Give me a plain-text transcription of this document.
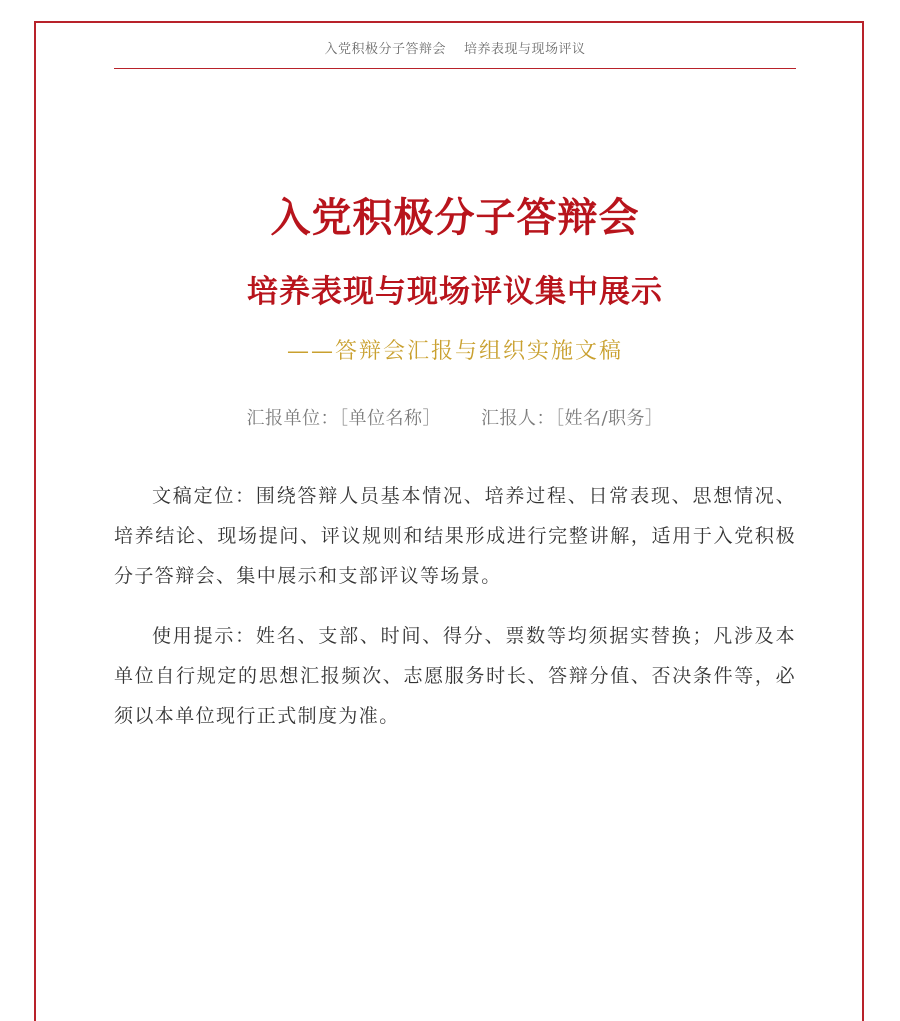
入党积极分子答辩会 培养表现与现场评议
入党积极分子答辩会
培养表现与现场评议集中展示
——答辩会汇报与组织实施文稿
汇报单位：［单位名称］ 汇报人：［姓名/职务］

文稿定位：围绕答辩人员基本情况、培养过程、日常表现、思想情况、培养结论、现场提问、评议规则和结果形成进行完整讲解，适用于入党积极分子答辩会、集中展示和支部评议等场景。

使用提示：姓名、支部、时间、得分、票数等均须据实替换；凡涉及本单位自行规定的思想汇报频次、志愿服务时长、答辩分值、否决条件等，必须以本单位现行正式制度为准。
